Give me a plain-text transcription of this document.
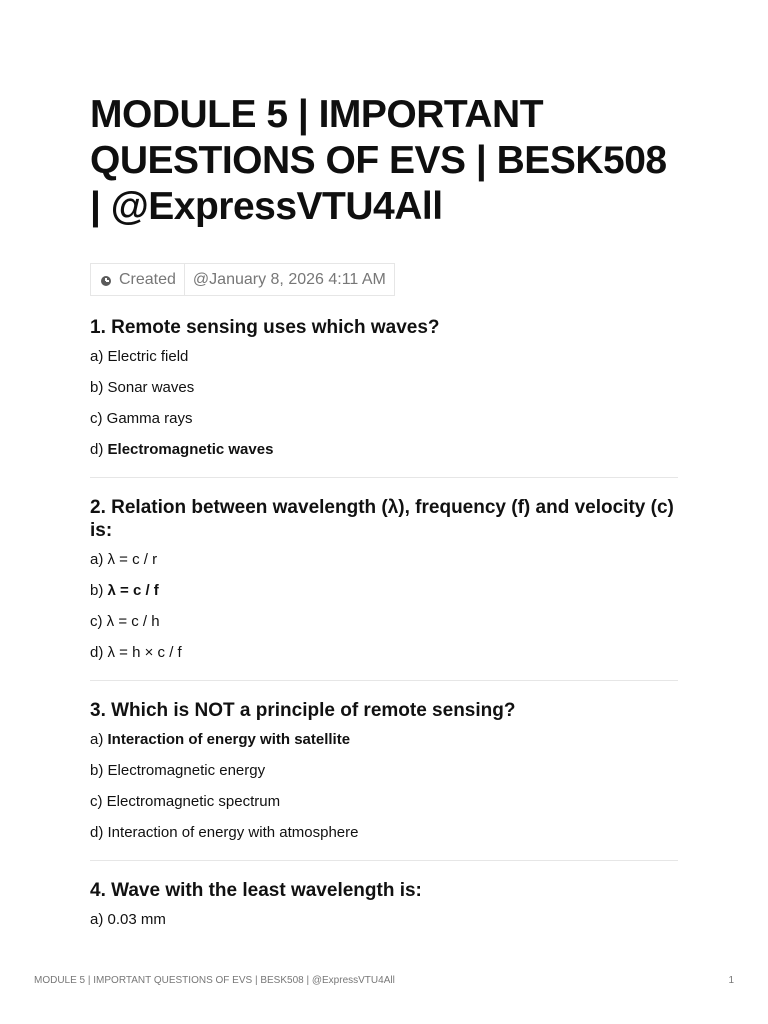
MODULE 5 | IMPORTANT QUESTIONS OF EVS | BESK508 | @ExpressVTU4All
Created @January 8, 2026 4:11 AM
1. Remote sensing uses which waves?

a) Electric field

b) Sonar waves

c) Gamma rays

d) Electromagnetic waves

2. Relation between wavelength (λ), frequency (f) and velocity (c) is:

a) λ = c / r

b) λ = c / f

c) λ = c / h

d) λ = h × c / f

3. Which is NOT a principle of remote sensing?

a) Interaction of energy with satellite

b) Electromagnetic energy

c) Electromagnetic spectrum

d) Interaction of energy with atmosphere

4. Wave with the least wavelength is:

a) 0.03 mm

MODULE 5 | IMPORTANT QUESTIONS OF EVS | BESK508 | @ExpressVTU4All	1
